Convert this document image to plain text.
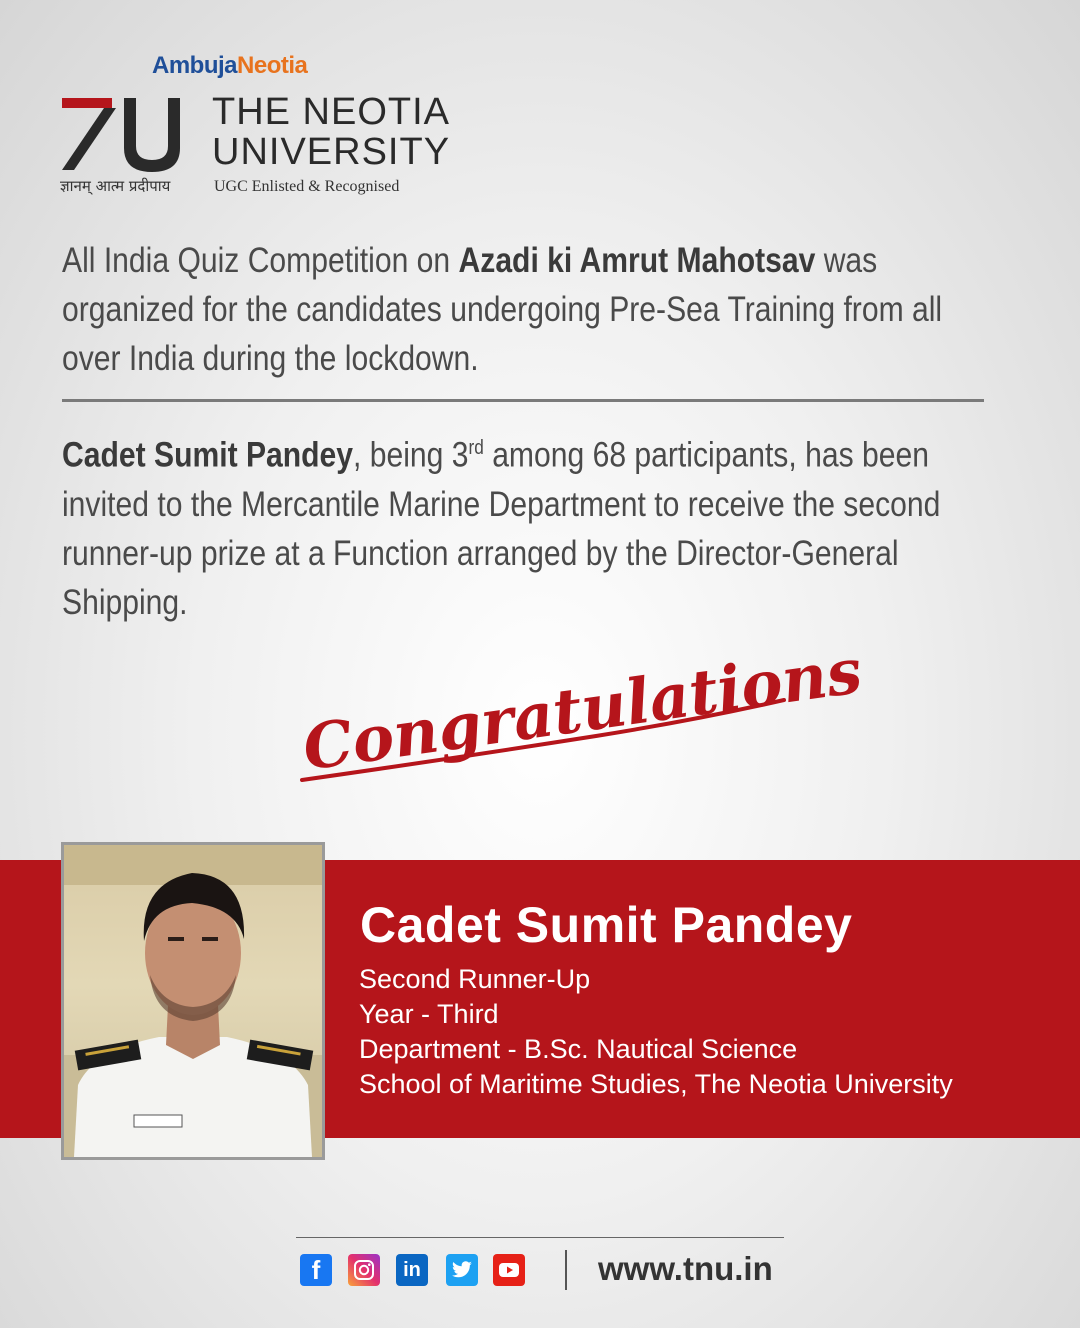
AmbujaNeotia
THE NEOTIA
UNIVERSITY
ज्ञानम् आत्म प्रदीपाय	UGC Enlisted & Recognised
All India Quiz Competition on Azadi ki Amrut Mahotsav was organized for the candidates undergoing Pre-Sea Training from all over India during the lockdown.
Cadet Sumit Pandey, being 3rd among 68 participants, has been invited to the Mercantile Marine Department to receive the second runner-up prize at a Function arranged by the Director-General Shipping.
Congratulations
Cadet Sumit Pandey
Second Runner-Up
Year - Third
Department - B.Sc. Nautical Science
School of Maritime Studies, The Neotia University
f	in	www.tnu.in
